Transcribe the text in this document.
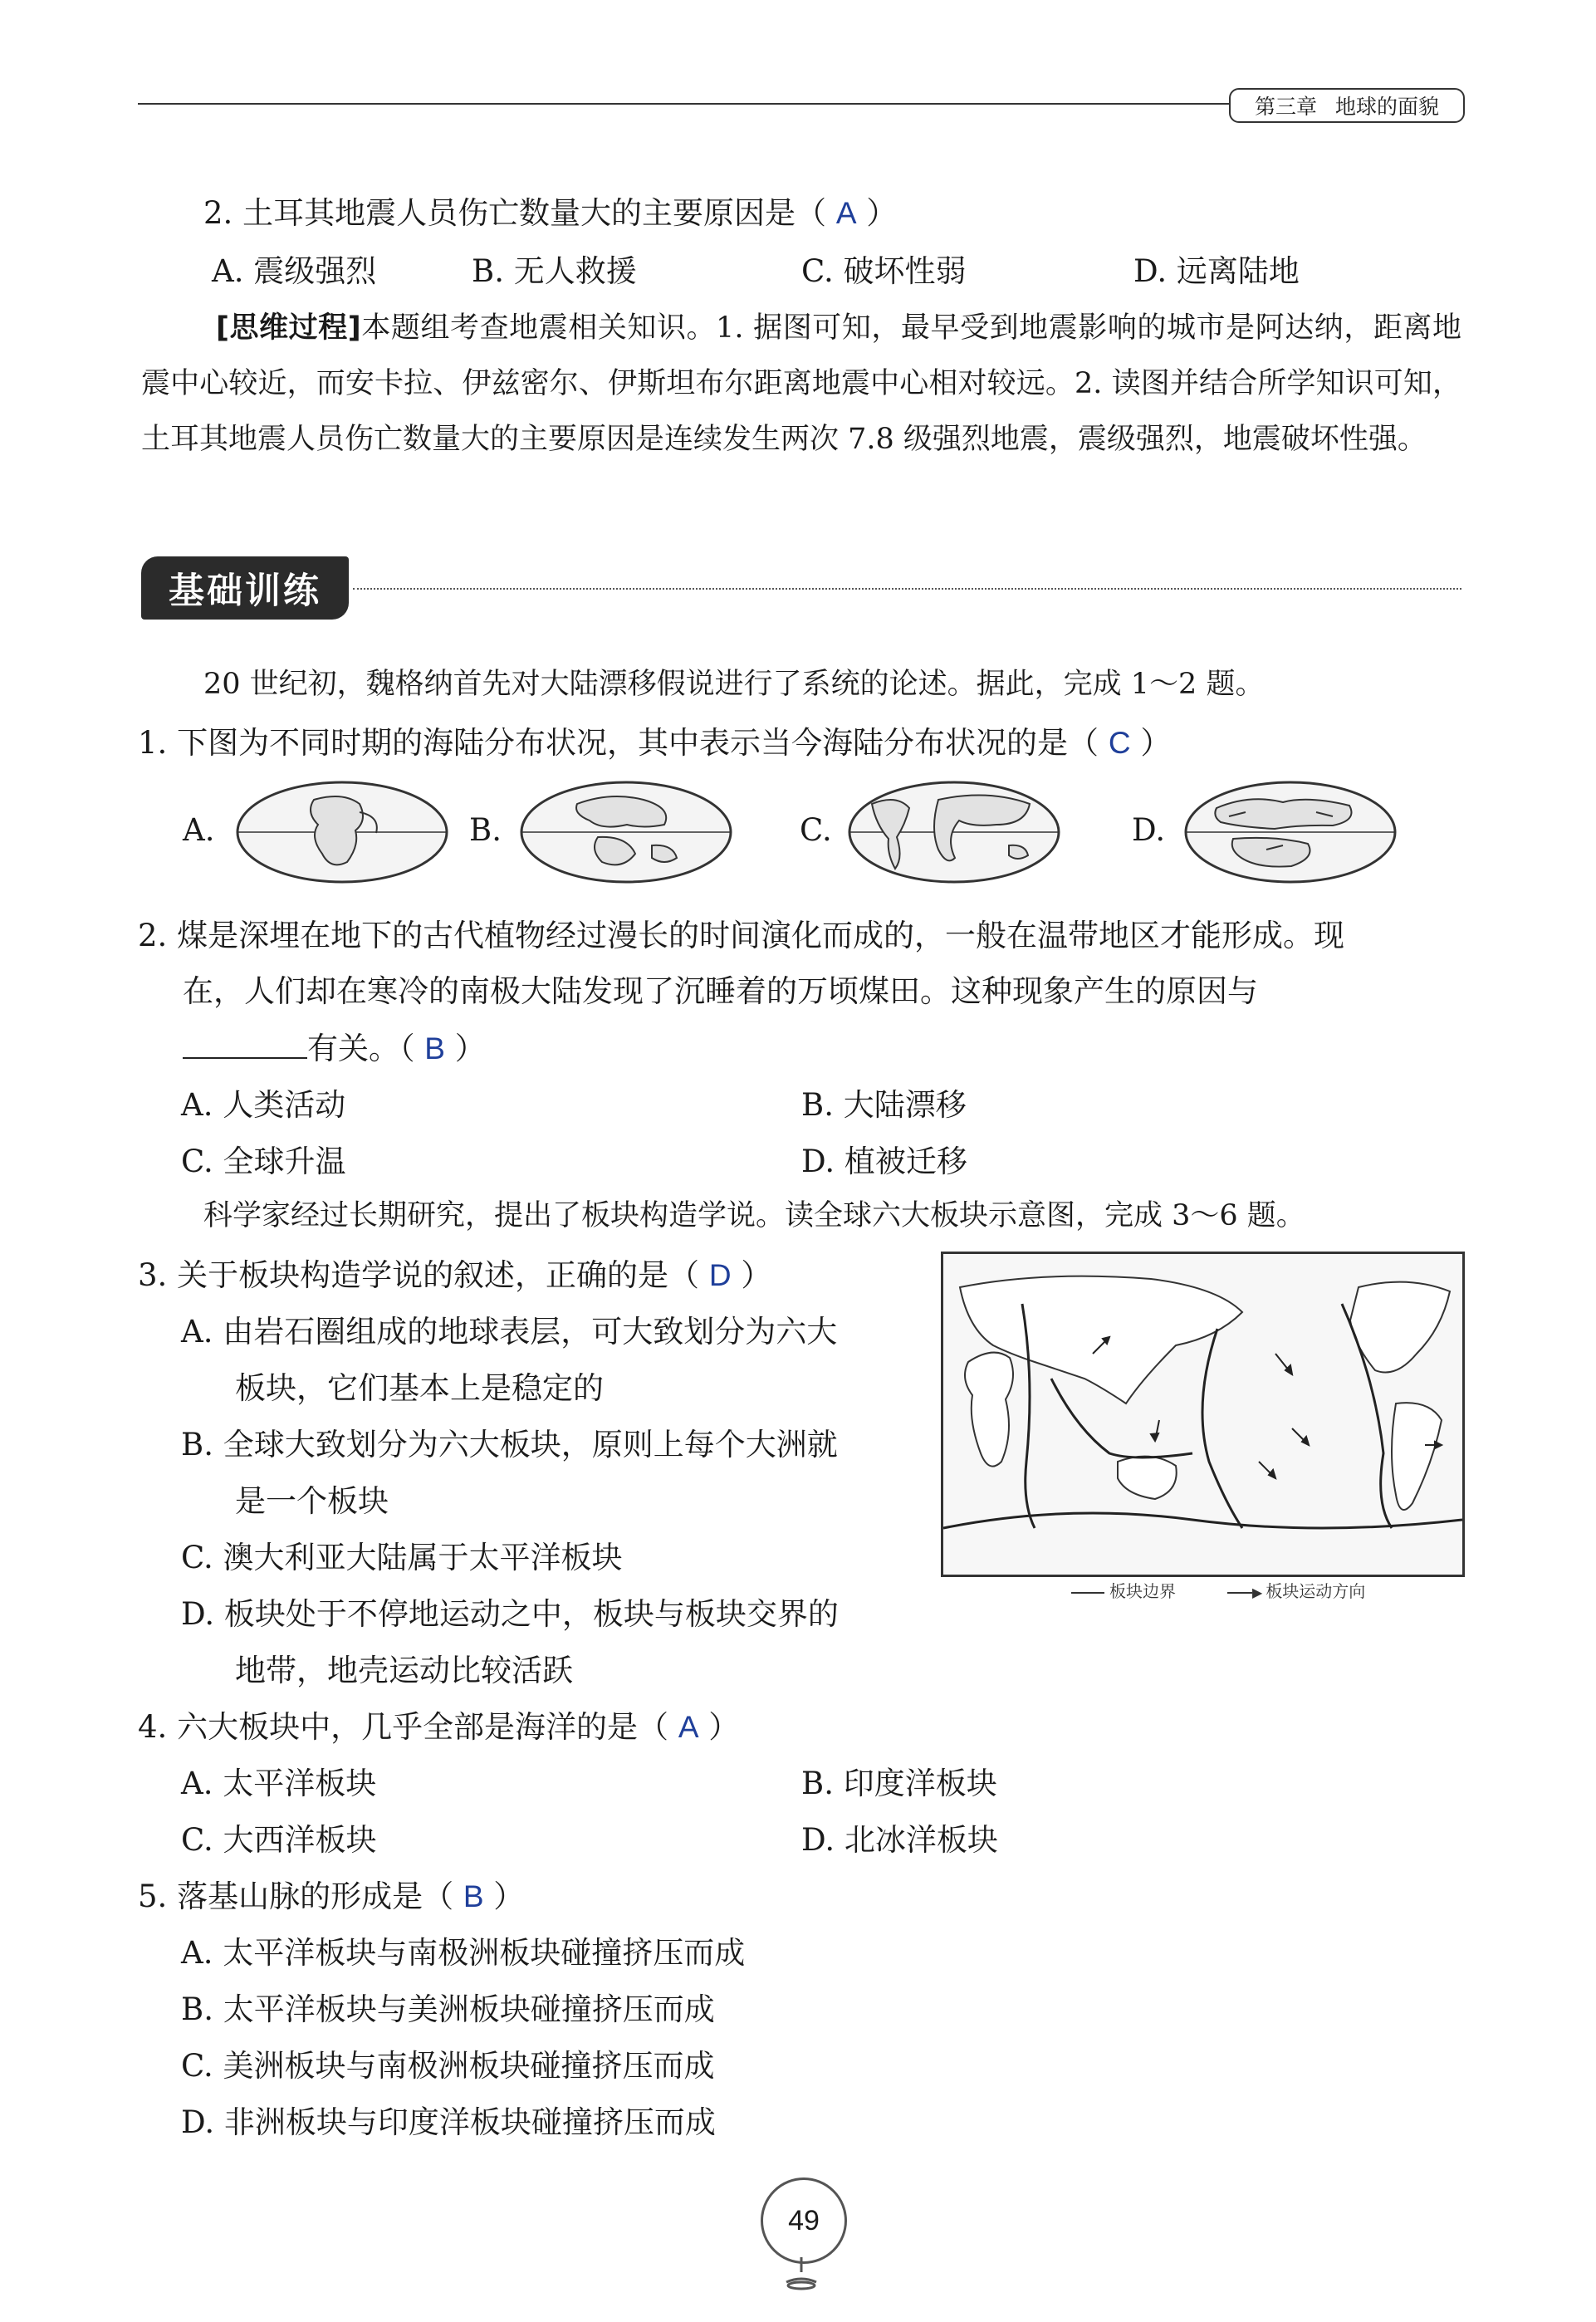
第三章 地球的面貌
2. 土耳其地震人员伤亡数量大的主要原因是（ A ）
A. 震级强烈	B. 无人救援	C. 破坏性弱	D. 远离陆地
[思维过程]本题组考查地震相关知识。1. 据图可知，最早受到地震影响的城市是阿达纳，距离地震中心较近，而安卡拉、伊兹密尔、伊斯坦布尔距离地震中心相对较远。2. 读图并结合所学知识可知，土耳其地震人员伤亡数量大的主要原因是连续发生两次 7.8 级强烈地震，震级强烈，地震破坏性强。
基础训练
20 世纪初，魏格纳首先对大陆漂移假说进行了系统的论述。据此，完成 1～2 题。
1. 下图为不同时期的海陆分布状况，其中表示当今海陆分布状况的是（ C ）
A.	B.	C.	D.
2. 煤是深埋在地下的古代植物经过漫长的时间演化而成的，一般在温带地区才能形成。现
在，人们却在寒冷的南极大陆发现了沉睡着的万顷煤田。这种现象产生的原因与
有关。（ B ）
A. 人类活动	B. 大陆漂移
C. 全球升温	D. 植被迁移
科学家经过长期研究，提出了板块构造学说。读全球六大板块示意图，完成 3～6 题。
3. 关于板块构造学说的叙述，正确的是（ D ）
A. 由岩石圈组成的地球表层，可大致划分为六大
板块，它们基本上是稳定的
B. 全球大致划分为六大板块，原则上每个大洲就
是一个板块
C. 澳大利亚大陆属于太平洋板块
D. 板块处于不停地运动之中，板块与板块交界的
地带，地壳运动比较活跃
板块边界	▶ 板块运动方向
4. 六大板块中，几乎全部是海洋的是（ A ）
A. 太平洋板块	B. 印度洋板块
C. 大西洋板块	D. 北冰洋板块
5. 落基山脉的形成是（ B ）
A. 太平洋板块与南极洲板块碰撞挤压而成
B. 太平洋板块与美洲板块碰撞挤压而成
C. 美洲板块与南极洲板块碰撞挤压而成
D. 非洲板块与印度洋板块碰撞挤压而成
49
